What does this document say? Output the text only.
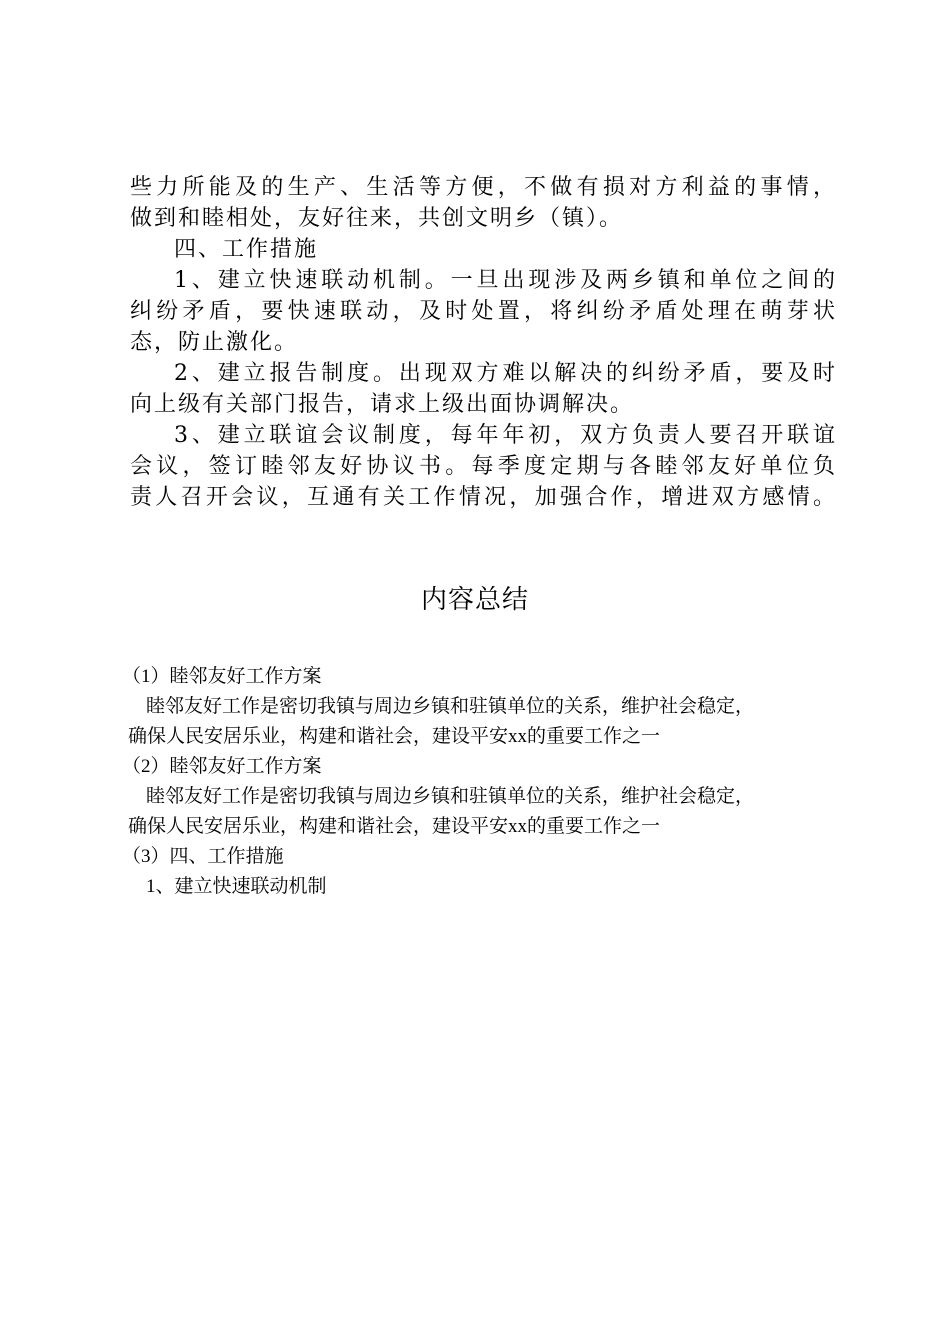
些力所能及的生产、生活等方便，不做有损对方利益的事情，
做到和睦相处，友好往来，共创文明乡（镇）。
四、工作措施
1、建立快速联动机制。一旦出现涉及两乡镇和单位之间的
纠纷矛盾，要快速联动，及时处置，将纠纷矛盾处理在萌芽状
态，防止激化。
2、建立报告制度。出现双方难以解决的纠纷矛盾，要及时
向上级有关部门报告，请求上级出面协调解决。
3、建立联谊会议制度，每年年初，双方负责人要召开联谊
会议，签订睦邻友好协议书。每季度定期与各睦邻友好单位负
责人召开会议，互通有关工作情况，加强合作，增进双方感情。
内容总结
（1）睦邻友好工作方案
睦邻友好工作是密切我镇与周边乡镇和驻镇单位的关系，维护社会稳定，
确保人民安居乐业，构建和谐社会，建设平安xx的重要工作之一
（2）睦邻友好工作方案
睦邻友好工作是密切我镇与周边乡镇和驻镇单位的关系，维护社会稳定，
确保人民安居乐业，构建和谐社会，建设平安xx的重要工作之一
（3）四、工作措施
1、建立快速联动机制
